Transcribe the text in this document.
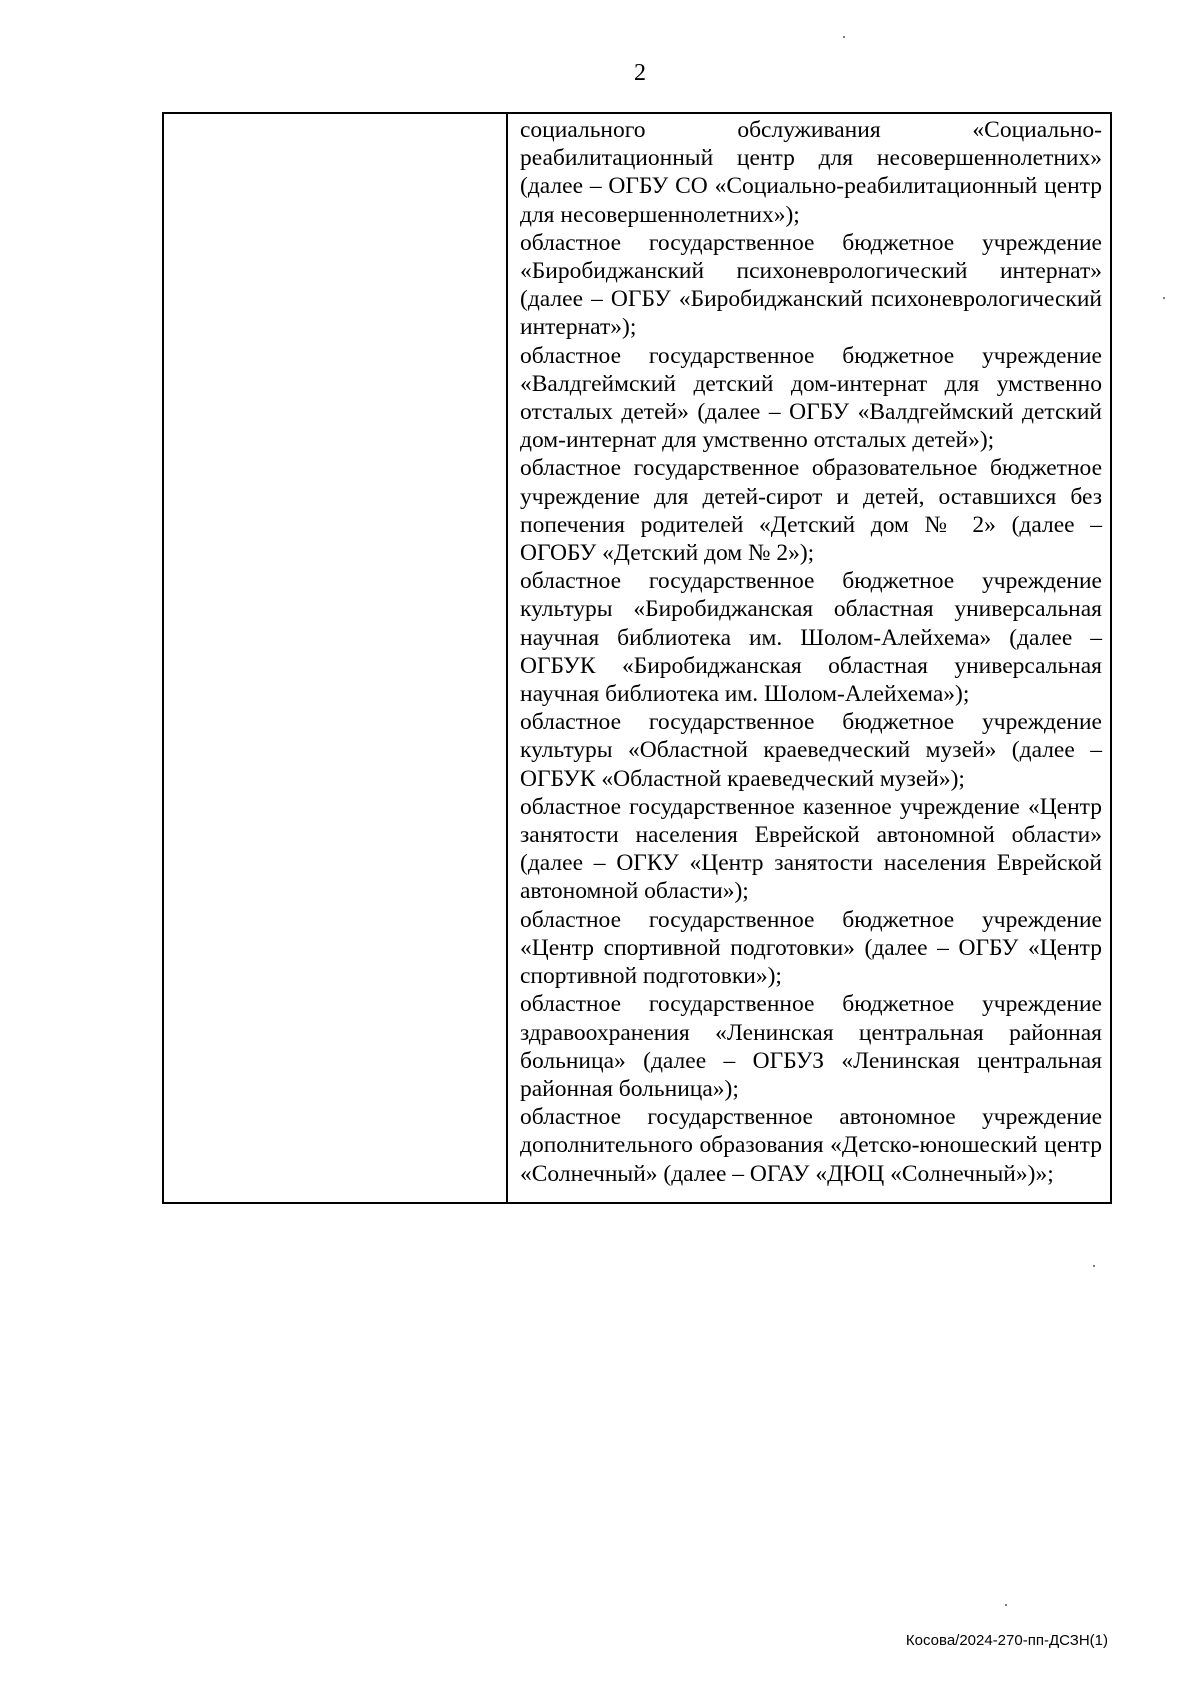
2

социального обслуживания «Социально-реабилитационный центр для несовершеннолетних» (далее – ОГБУ СО «Социально-реабилитационный центр для несовершеннолетних»);

областное государственное бюджетное учреждение «Биробиджанский психоневрологический интернат» (далее – ОГБУ «Биробиджанский психоневрологический интернат»);

областное государственное бюджетное учреждение «Валдгеймский детский дом-интернат для умственно отсталых детей» (далее – ОГБУ «Валдгеймский детский дом-интернат для умственно отсталых детей»);

областное государственное образовательное бюджетное учреждение для детей-сирот и детей, оставшихся без попечения родителей «Детский дом № 2» (далее – ОГОБУ «Детский дом № 2»);

областное государственное бюджетное учреждение культуры «Биробиджанская областная универсальная научная библиотека им. Шолом-Алейхема» (далее – ОГБУК «Биробиджанская областная универсальная научная библиотека им. Шолом-Алейхема»);

областное государственное бюджетное учреждение культуры «Областной краеведческий музей» (далее – ОГБУК «Областной краеведческий музей»);

областное государственное казенное учреждение «Центр занятости населения Еврейской автономной области» (далее – ОГКУ «Центр занятости населения Еврейской автономной области»);

областное государственное бюджетное учреждение «Центр спортивной подготовки» (далее – ОГБУ «Центр спортивной подготовки»);

областное государственное бюджетное учреждение здравоохранения «Ленинская центральная районная больница» (далее – ОГБУЗ «Ленинская центральная районная больница»);

областное государственное автономное учреждение дополнительного образования «Детско-юношеский центр «Солнечный» (далее – ОГАУ «ДЮЦ «Солнечный»)»;

Косова/2024-270-пп-ДСЗН(1)
